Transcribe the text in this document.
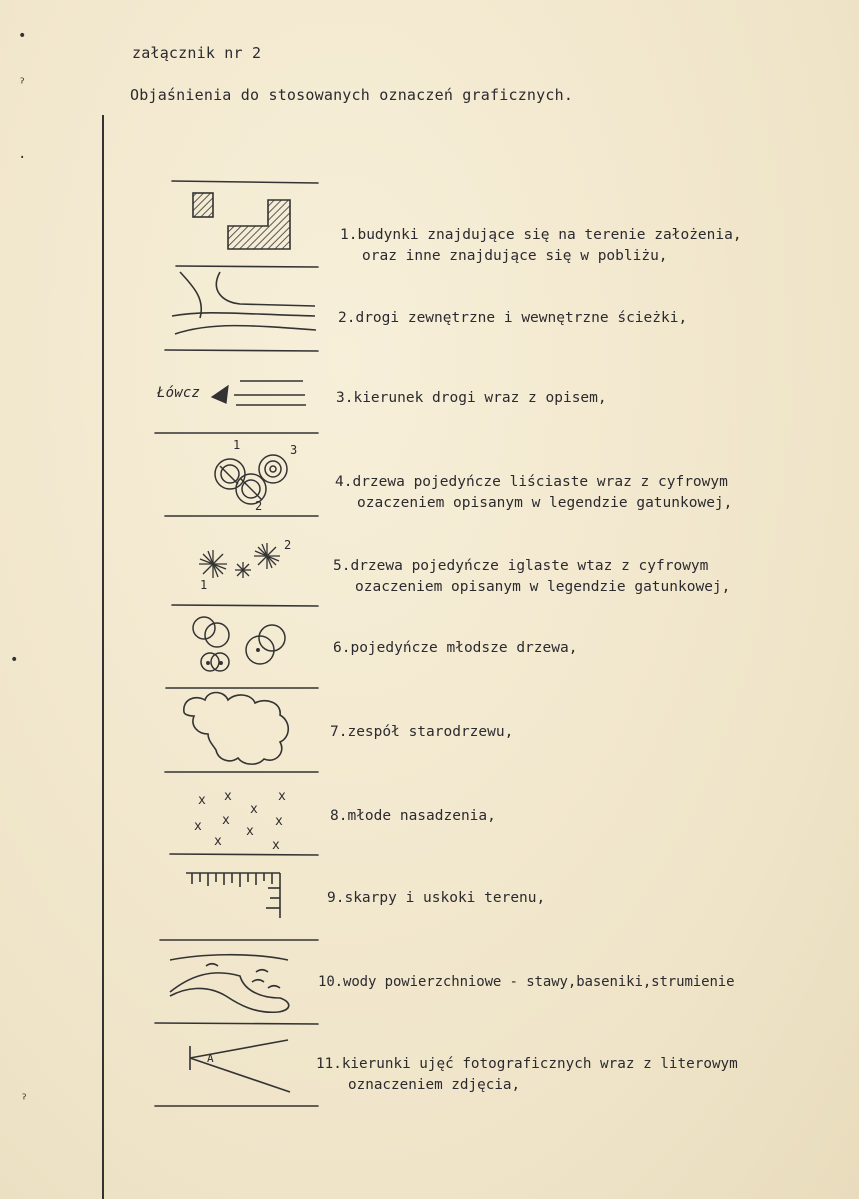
•
ˀ
·
•
ˀ
załącznik nr 2
Objaśnienia do stosowanych oznaczeń graficznych.
Łówcz
1	3
2
2
1
A
x x	x
x
x	x
x	x
x	x
1.budynki znajdujące się na terenie założenia,
oraz inne znajdujące się w pobliżu,
2.drogi zewnętrzne i wewnętrzne ścieżki,
3.kierunek drogi wraz z opisem,
4.drzewa pojedyńcze liściaste wraz z cyfrowym
ozaczeniem opisanym w legendzie gatunkowej,
5.drzewa pojedyńcze iglaste wtaz z cyfrowym
ozaczeniem opisanym w legendzie gatunkowej,
6.pojedyńcze młodsze drzewa,
7.zespół starodrzewu,
8.młode nasadzenia,
9.skarpy i uskoki terenu,
10.wody powierzchniowe - stawy,baseniki,strumienie
11.kierunki ujęć fotograficznych wraz z literowym
oznaczeniem zdjęcia,
